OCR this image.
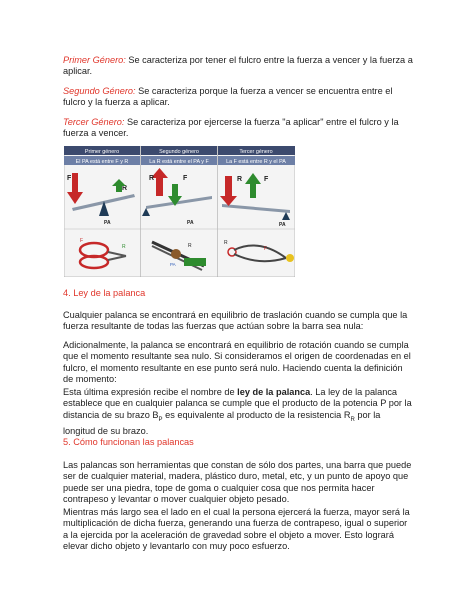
Primer Género: Se caracteriza por tener el fulcro entre la fuerza a vencer y la fuerza a aplicar.

Segundo Género: Se caracteriza porque la fuerza a vencer se encuentra entre el fulcro y la fuerza a aplicar.

Tercer Género: Se caracteriza por ejercerse la fuerza "a aplicar" entre el fulcro y la fuerza a vencer.

Primer género	Segundo género	Tercer género
El PA está entre F y R	La R está entre el PA y F	La F está entre R y el PA
F
R
PA
R	F
PA
R	F
PA
F
R	R
PA
R
F

4. Ley de la palanca

Cualquier palanca se encontrará en equilibrio de traslación cuando se cumpla que la fuerza resultante de todas las fuerzas que actúan sobre la barra sea nula:

Adicionalmente, la palanca se encontrará en equilibrio de rotación cuando se cumpla que el momento resultante sea nulo. Si consideramos el origen de coordenadas en el fulcro, el momento resultante en ese punto será nulo. Haciendo cuenta la definición de momento:

Esta última expresión recibe el nombre de ley de la palanca. La ley de la palanca establece que en cualquier palanca se cumple que el producto de la potencia P por la distancia de su brazo $B_P$ es equivalente al producto de la resistencia $R_R$ por la longitud de su brazo.

5. Cómo funcionan las palancas

Las palancas son herramientas que constan de sólo dos partes, una barra que puede ser de cualquier material, madera, plástico duro, metal, etc, y un punto de apoyo que puede ser una piedra, tope de goma o cualquier cosa que nos permita hacer contrapeso y levantar o mover cualquier objeto pesado.

Mientras más largo sea el lado en el cual la persona ejercerá la fuerza, mayor será la multiplicación de dicha fuerza, generando una fuerza de contrapeso, igual o superior a la ejercida por la aceleración de gravedad sobre el objeto a mover. Esto logrará elevar dicho objeto y levantarlo con muy poco esfuerzo.
